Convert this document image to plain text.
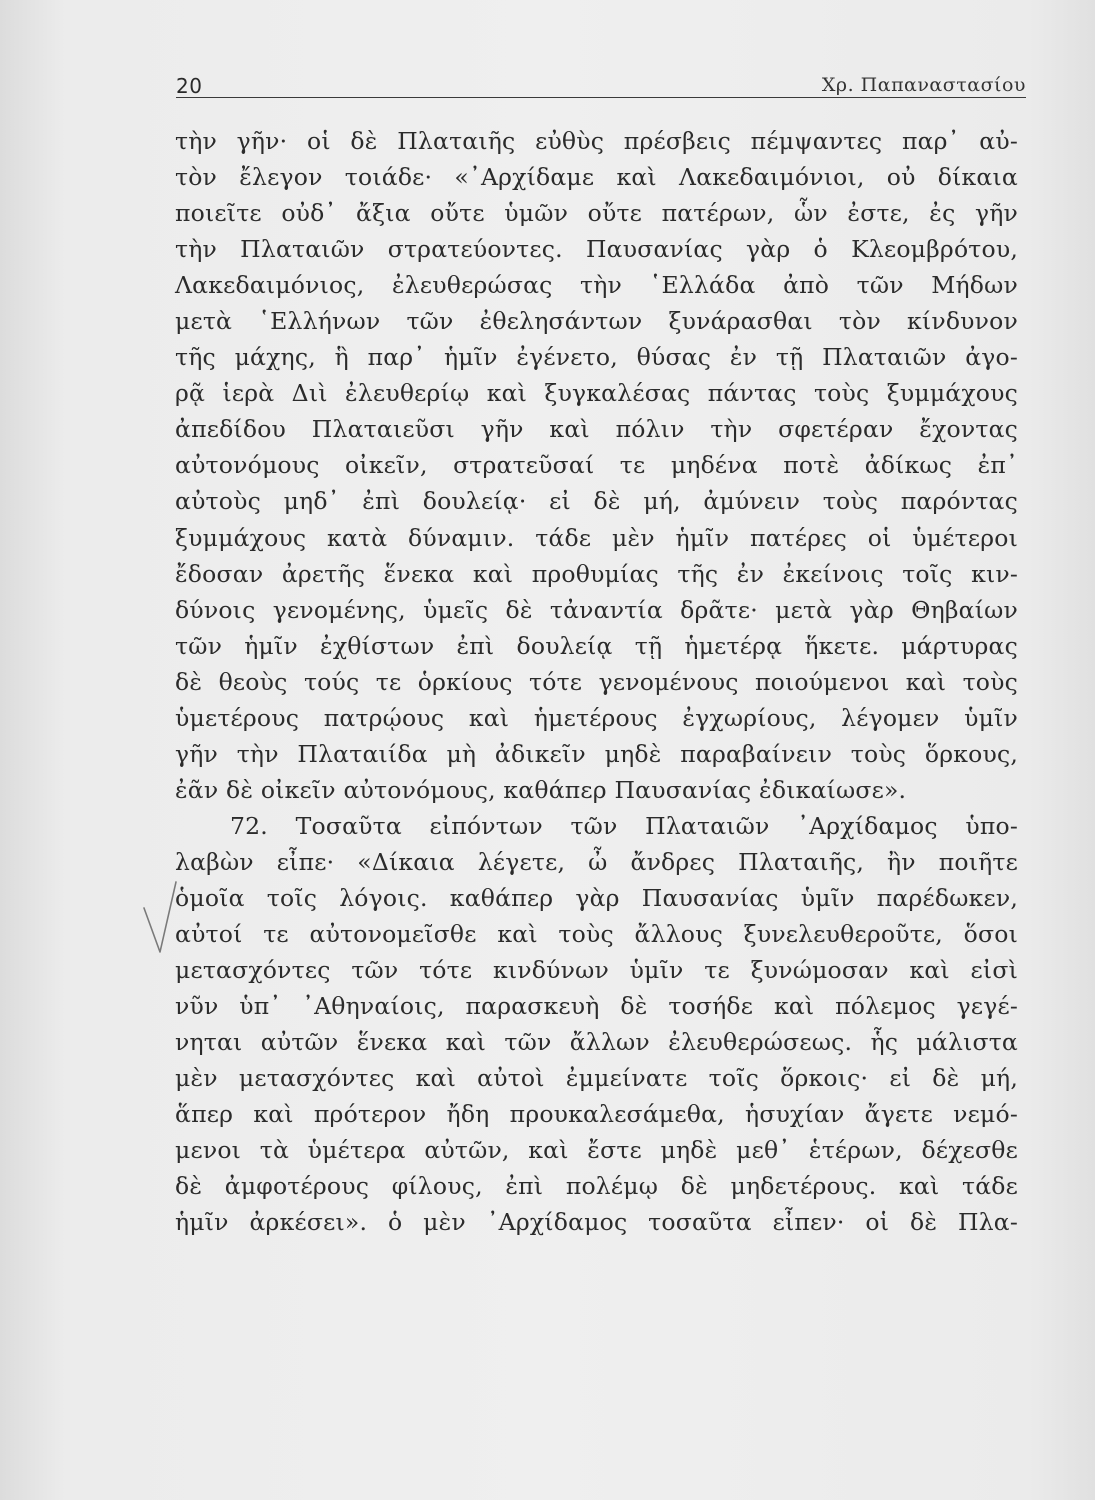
20	Χρ. Παπαναστασίου
τὴν γῆν· οἱ δὲ Πλαταιῆς εὐθὺς πρέσβεις πέμψαντες παρ᾽ αὐ-
τὸν ἔλεγον τοιάδε· «᾽Αρχίδαμε καὶ Λακεδαιμόνιοι, οὐ δίκαια
ποιεῖτε οὐδ᾽ ἄξια οὔτε ὑμῶν οὔτε πατέρων, ὧν ἐστε, ἐς γῆν
τὴν Πλαταιῶν στρατεύοντες. Παυσανίας γὰρ ὁ Κλεομβρότου,
Λακεδαιμόνιος, ἐλευθερώσας τὴν ῾Ελλάδα ἀπὸ τῶν Μήδων
μετὰ ῾Ελλήνων τῶν ἐθελησάντων ξυνάρασθαι τὸν κίνδυνον
τῆς μάχης, ἣ παρ᾽ ἡμῖν ἐγένετο, θύσας ἐν τῇ Πλαταιῶν ἀγο-
ρᾷ ἱερὰ Διὶ ἐλευθερίῳ καὶ ξυγκαλέσας πάντας τοὺς ξυμμάχους
ἀπεδίδου Πλαταιεῦσι γῆν καὶ πόλιν τὴν σφετέραν ἔχοντας
αὐτονόμους οἰκεῖν, στρατεῦσαί τε μηδένα ποτὲ ἀδίκως ἐπ᾽
αὐτοὺς μηδ᾽ ἐπὶ δουλείᾳ· εἰ δὲ μή, ἀμύνειν τοὺς παρόντας
ξυμμάχους κατὰ δύναμιν. τάδε μὲν ἡμῖν πατέρες οἱ ὑμέτεροι
ἔδοσαν ἀρετῆς ἕνεκα καὶ προθυμίας τῆς ἐν ἐκείνοις τοῖς κιν-
δύνοις γενομένης, ὑμεῖς δὲ τἀναντία δρᾶτε· μετὰ γὰρ Θηβαίων
τῶν ἡμῖν ἐχθίστων ἐπὶ δουλείᾳ τῇ ἡμετέρᾳ ἥκετε. μάρτυρας
δὲ θεοὺς τούς τε ὁρκίους τότε γενομένους ποιούμενοι καὶ τοὺς
ὑμετέρους πατρῴους καὶ ἡμετέρους ἐγχωρίους, λέγομεν ὑμῖν
γῆν τὴν Πλαταιίδα μὴ ἀδικεῖν μηδὲ παραβαίνειν τοὺς ὅρκους,
ἐᾶν δὲ οἰκεῖν αὐτονόμους, καθάπερ Παυσανίας ἐδικαίωσε».
72. Τοσαῦτα εἰπόντων τῶν Πλαταιῶν ᾽Αρχίδαμος ὑπο-
λαβὼν εἶπε· «Δίκαια λέγετε, ὦ ἄνδρες Πλαταιῆς, ἢν ποιῆτε
ὁμοῖα τοῖς λόγοις. καθάπερ γὰρ Παυσανίας ὑμῖν παρέδωκεν,
αὐτοί τε αὐτονομεῖσθε καὶ τοὺς ἄλλους ξυνελευθεροῦτε, ὅσοι
μετασχόντες τῶν τότε κινδύνων ὑμῖν τε ξυνώμοσαν καὶ εἰσὶ
νῦν ὑπ᾽ ᾽Αθηναίοις, παρασκευὴ δὲ τοσήδε καὶ πόλεμος γεγέ-
νηται αὐτῶν ἕνεκα καὶ τῶν ἄλλων ἐλευθερώσεως. ἧς μάλιστα
μὲν μετασχόντες καὶ αὐτοὶ ἐμμείνατε τοῖς ὅρκοις· εἰ δὲ μή,
ἅπερ καὶ πρότερον ἤδη προυκαλεσάμεθα, ἡσυχίαν ἄγετε νεμό-
μενοι τὰ ὑμέτερα αὐτῶν, καὶ ἔστε μηδὲ μεθ᾽ ἑτέρων, δέχεσθε
δὲ ἀμφοτέρους φίλους, ἐπὶ πολέμῳ δὲ μηδετέρους. καὶ τάδε
ἡμῖν ἀρκέσει». ὁ μὲν ᾽Αρχίδαμος τοσαῦτα εἶπεν· οἱ δὲ Πλα-
